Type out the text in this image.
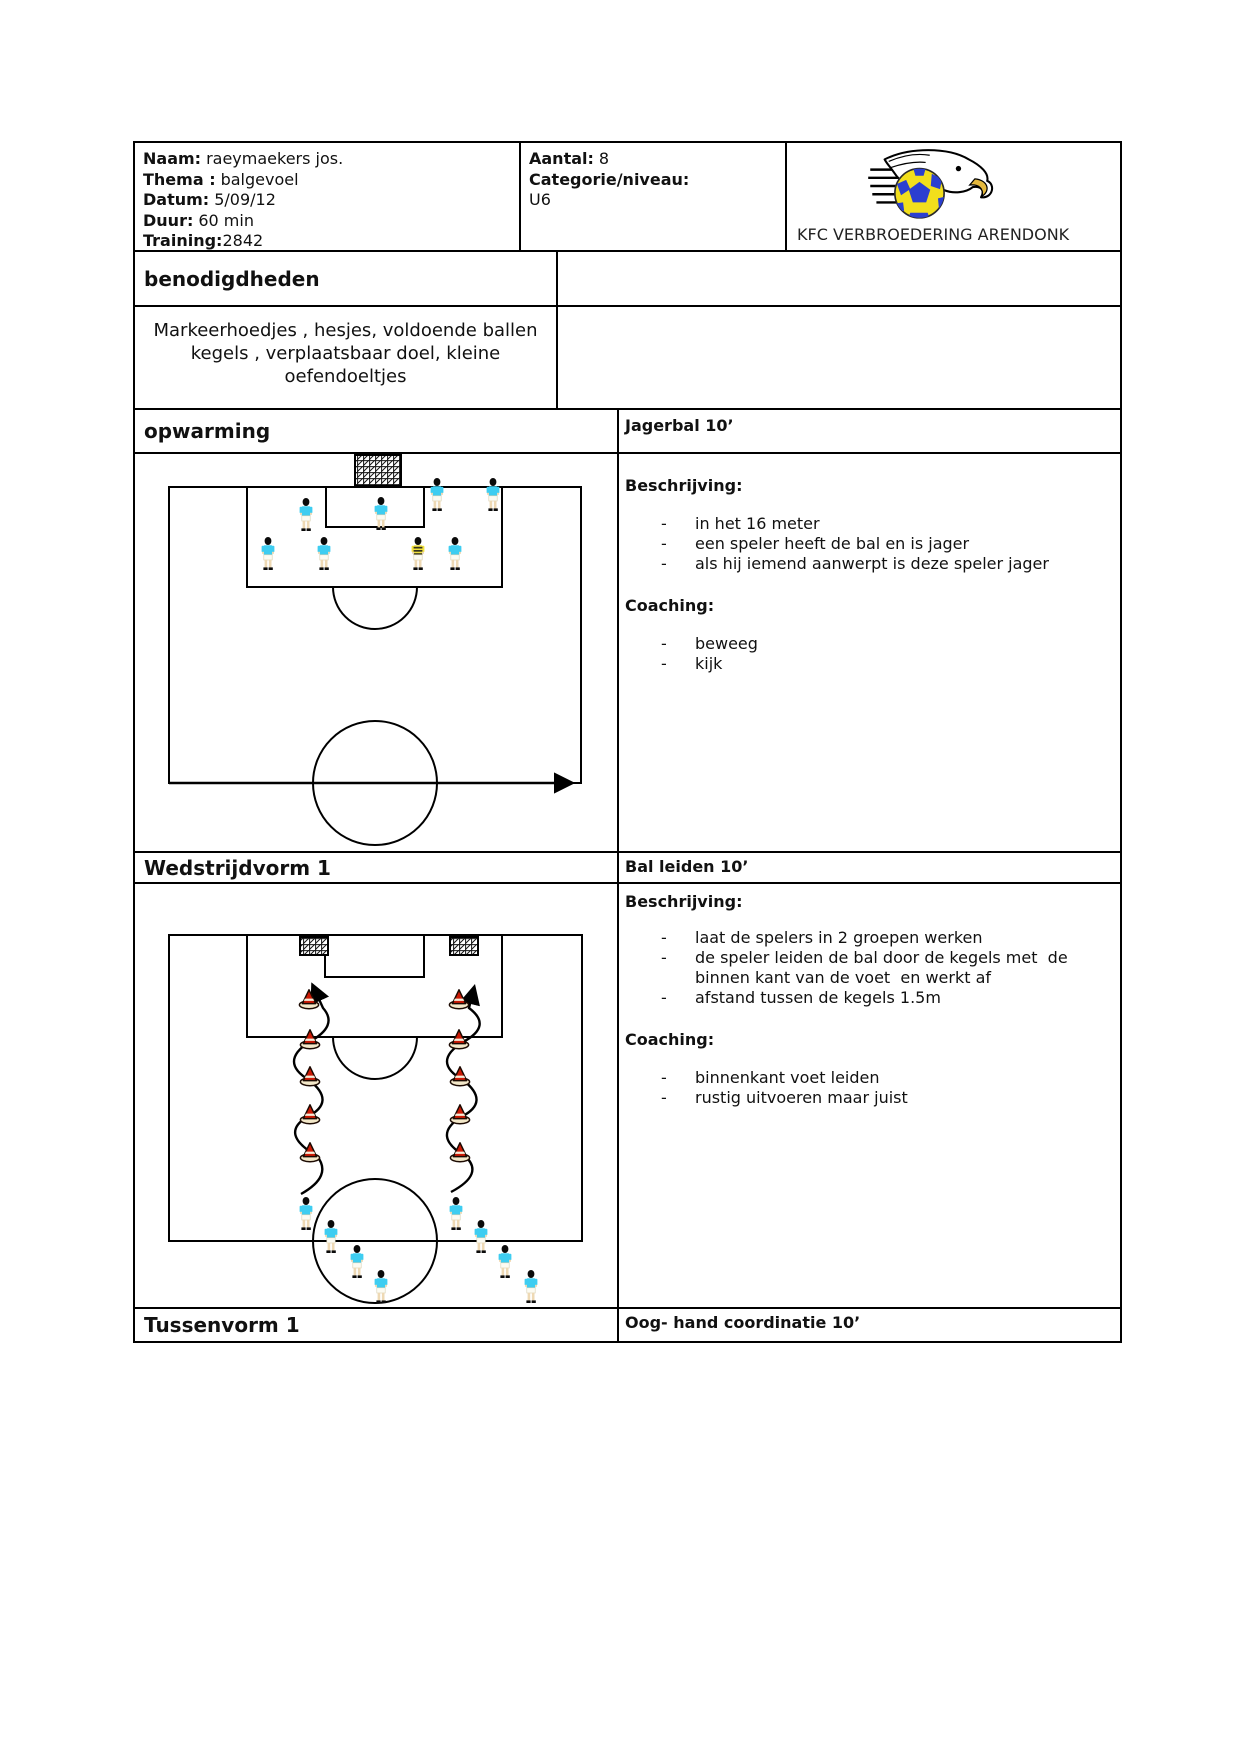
Naam: raeymaekers jos.
Thema : balgevoel
Datum: 5/09/12
Duur: 60 min
Training:2842
Aantal: 8
Categorie/niveau:
U6
KFC VERBROEDERING ARENDONK
benodigdheden
Markeerhoedjes , hesjes, voldoende ballen kegels , verplaatsbaar doel, kleine oefendoeltjes
opwarming	Jagerbal 10’
Beschrijving:
-	in het 16 meter
-	een speler heeft de bal en is jager
-	als hij iemend aanwerpt is deze speler jager
Coaching:
-	beweeg
-	kijk
Wedstrijdvorm 1	Bal leiden 10’
Beschrijving:
-	laat de spelers in 2 groepen werken
-	de speler leiden de bal door de kegels met  de binnen kant van de voet  en werkt af
-	afstand tussen de kegels 1.5m
Coaching:
-	binnenkant voet leiden
-	rustig uitvoeren maar juist
Tussenvorm 1	Oog- hand coordinatie 10’
